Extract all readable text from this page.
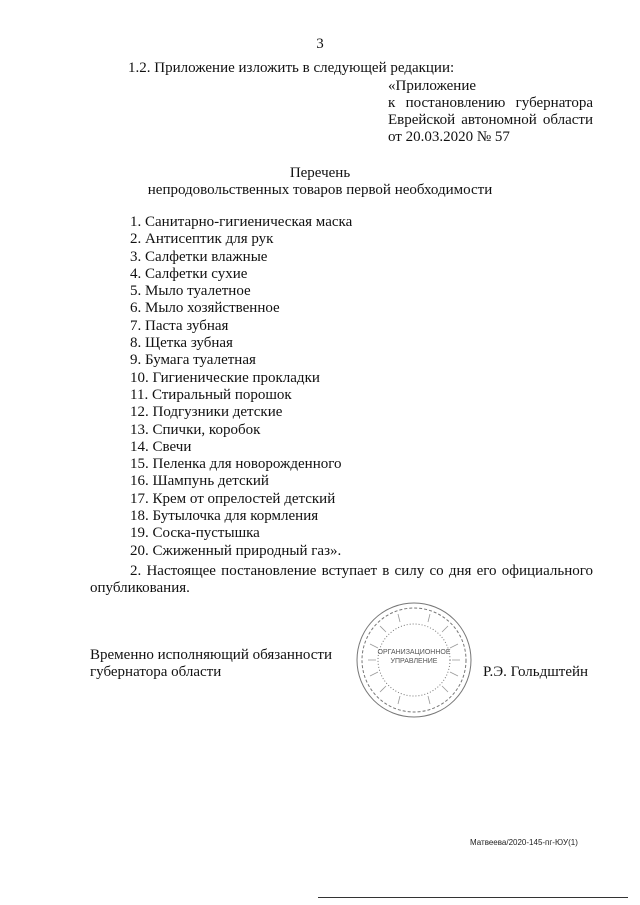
3
1.2. Приложение изложить в следующей редакции:
«Приложение
к постановлению губернатора
Еврейской автономной области
от 20.03.2020 № 57
Перечень
непродовольственных товаров первой необходимости
1. Санитарно-гигиеническая маска
2. Антисептик для рук
3. Салфетки влажные
4. Салфетки сухие
5. Мыло туалетное
6. Мыло хозяйственное
7. Паста зубная
8. Щетка зубная
9. Бумага туалетная
10. Гигиенические прокладки
11. Стиральный порошок
12. Подгузники детские
13. Спички, коробок
14. Свечи
15. Пеленка для новорожденного
16. Шампунь детский
17. Крем от опрелостей детский
18. Бутылочка для кормления
19. Соска-пустышка
20. Сжиженный природный газ».
2. Настоящее постановление вступает в силу со дня его официального
опубликования.
Временно исполняющий обязанности
губернатора области
ОРГАНИЗАЦИОННОЕ УПРАВЛЕНИЕ
Р.Э. Гольдштейн
Матвеева/2020-145-пг-ЮУ(1)
